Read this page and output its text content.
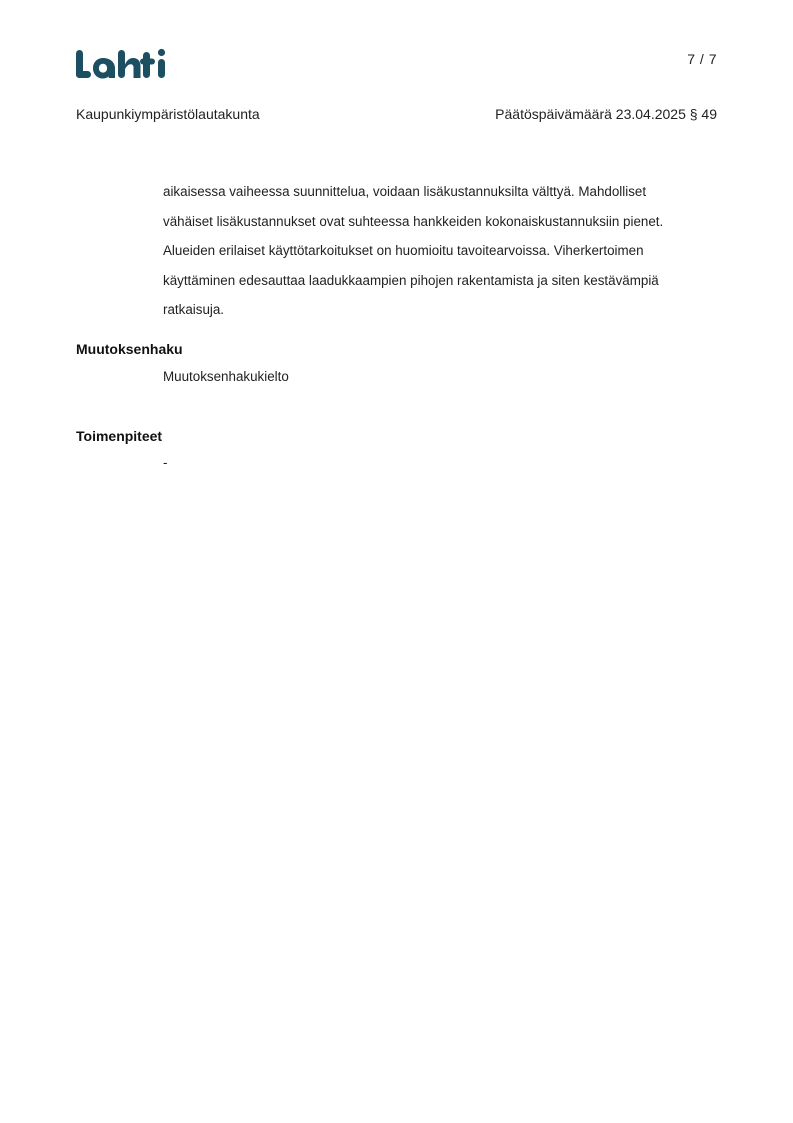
7 / 7
Kaupunkiympäristölautakunta	Päätöspäivämäärä 23.04.2025 § 49

aikaisessa vaiheessa suunnittelua, voidaan lisäkustannuksilta välttyä. Mahdolliset

vähäiset lisäkustannukset ovat suhteessa hankkeiden kokonaiskustannuksiin pienet.

Alueiden erilaiset käyttötarkoitukset on huomioitu tavoitearvoissa. Viherkertoimen

käyttäminen edesauttaa laadukkaampien pihojen rakentamista ja siten kestävämpiä

ratkaisuja.

Muutoksenhaku
Muutoksenhakukielto
Toimenpiteet
-
